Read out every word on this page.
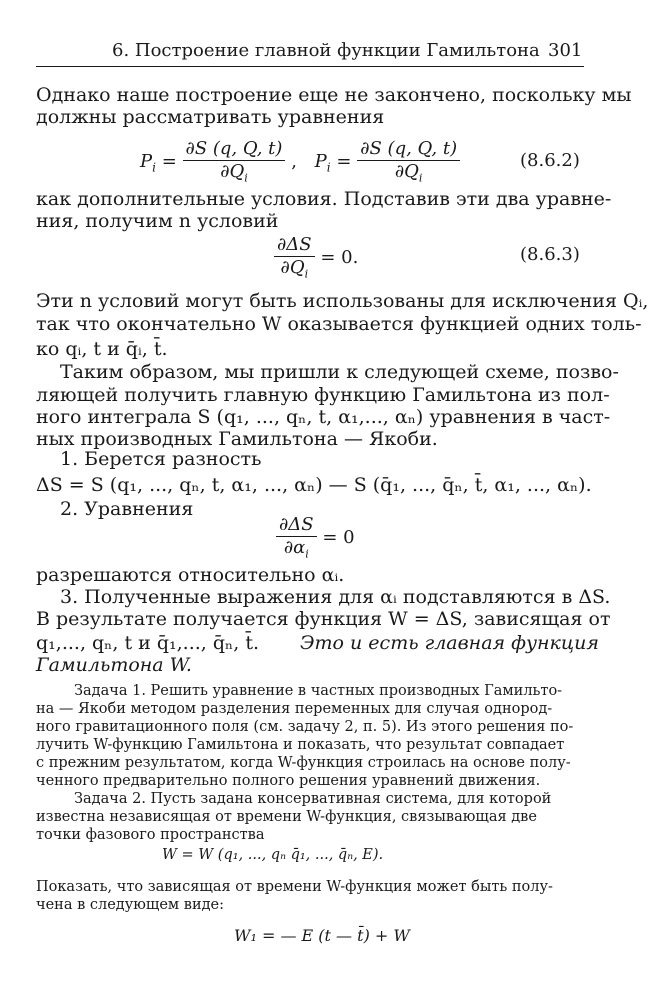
6. Построение главной функции Гамильтона 301
Однако наше построение еще не закончено, поскольку мы
должны рассматривать уравнения
$P_i = \frac{\partial S (q, Q, t)}{\partial Q_i}$ , $P_i = \frac{\partial S (q, Q, t)}{\partial Q_i}$	(8.6.2)
как дополнительные условия. Подставив эти два уравне-
ния, получим n условий
$\frac{\partial\Delta S}{\partial Q_i} = 0$.	(8.6.3)
Эти n условий могут быть использованы для исключения Qᵢ,
так что окончательно W оказывается функцией одних толь-
ко qᵢ, t и q̄ᵢ, t̄.
Таким образом, мы пришли к следующей схеме, позво-
ляющей получить главную функцию Гамильтона из пол-
ного интеграла S (q₁, ..., qₙ, t, α₁,..., αₙ) уравнения в част-
ных производных Гамильтона — Якоби.
1. Берется разность
ΔS = S (q₁, ..., qₙ, t, α₁, ..., αₙ) — S (q̄₁, ..., q̄ₙ, t̄, α₁, ..., αₙ).
2. Уравнения
$\frac{\partial\Delta S}{\partial\alpha_i} = 0$
разрешаются относительно αᵢ.
3. Полученные выражения для αᵢ подставляются в ΔS.
В результате получается функция W = ΔS, зависящая от
q₁,..., qₙ, t и q̄₁,..., q̄ₙ, t̄. Это и есть главная функция
Гамильтона W.
Задача 1. Решить уравнение в частных производных Гамильто-
на — Якоби методом разделения переменных для случая однород-
ного гравитационного поля (см. задачу 2, п. 5). Из этого решения по-
лучить W-функцию Гамильтона и показать, что результат совпадает
с прежним результатом, когда W-функция строилась на основе полу-
ченного предварительно полного решения уравнений движения.
Задача 2. Пусть задана консервативная система, для которой
известна независящая от времени W-функция, связывающая две
точки фазового пространства
W = W (q₁, ..., qₙ q̄₁, ..., q̄ₙ, E).
Показать, что зависящая от времени W-функция может быть полу-
чена в следующем виде:
W₁ = — E (t — t̄) + W
